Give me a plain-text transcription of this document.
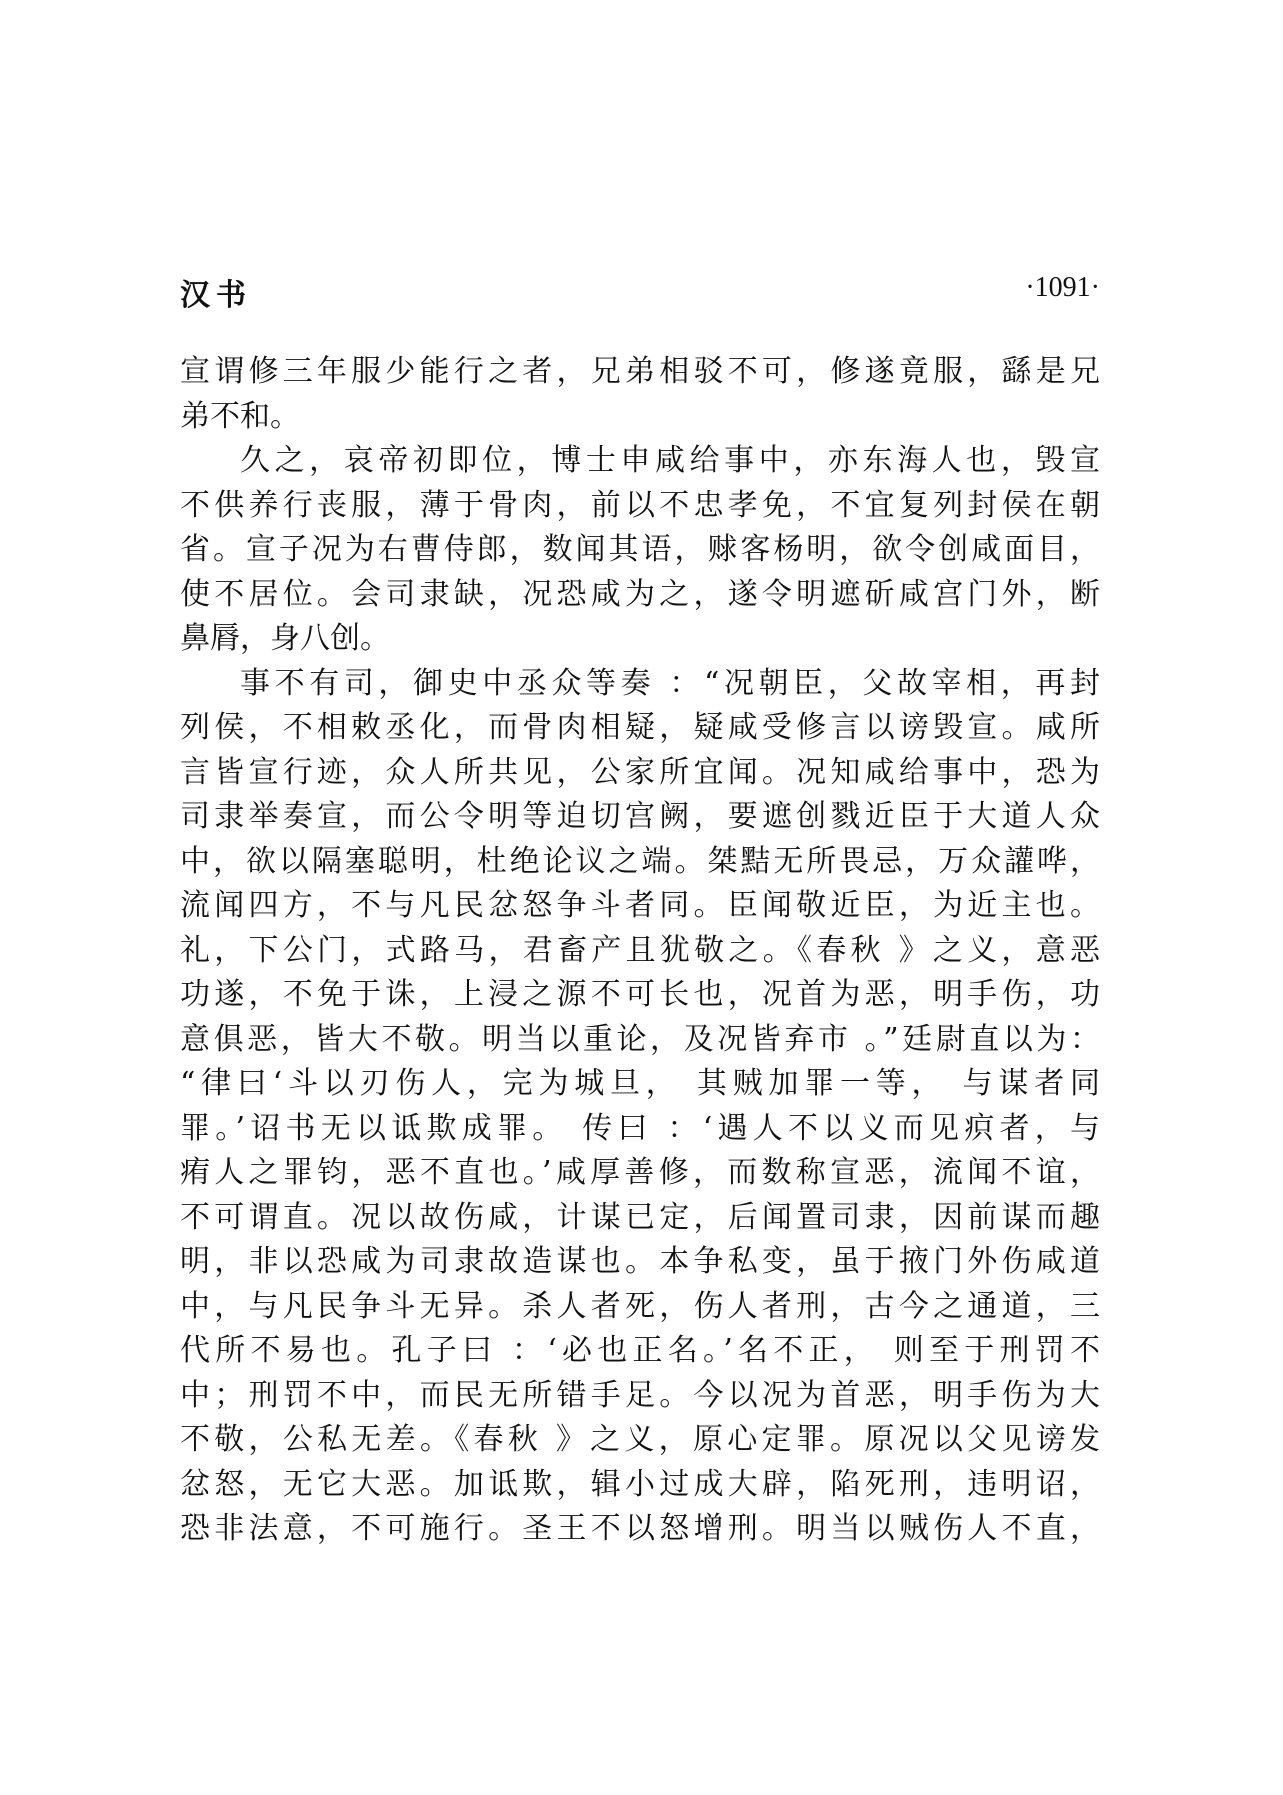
汉书	·1091·
宣谓修三年服少能行之者，兄弟相驳不可，修遂竟服，繇是兄
弟不和。
久之，哀帝初即位，博士申咸给事中，亦东海人也，毁宣
不供养行丧服，薄于骨肉，前以不忠孝免，不宜复列封侯在朝
省。宣子况为右曹侍郎，数闻其语，赇客杨明，欲令创咸面目，
使不居位。会司隶缺，况恐咸为之，遂令明遮斫咸宫门外，断
鼻脣，身八创。
事不有司，御史中丞众等奏 ：“况朝臣，父故宰相，再封
列侯，不相敕丞化，而骨肉相疑，疑咸受修言以谤毁宣。咸所
言皆宣行迹，众人所共见，公家所宜闻。况知咸给事中，恐为
司隶举奏宣，而公令明等迫切宫阙，要遮创戮近臣于大道人众
中，欲以隔塞聪明，杜绝论议之端。桀黠无所畏忌，万众讙哗，
流闻四方，不与凡民忿怒争斗者同。臣闻敬近臣，为近主也。
礼，下公门，式路马，君畜产且犹敬之。《春秋 》之义，意恶
功遂，不免于诛，上浸之源不可长也，况首为恶，明手伤，功
意俱恶，皆大不敬。明当以重论，及况皆弃市 。”廷尉直以为：
“律曰‘斗以刃伤人，完为城旦， 其贼加罪一等， 与谋者同
罪。’诏书无以诋欺成罪。 传曰 ：‘遇人不以义而见疻者，与
痏人之罪钧，恶不直也。’咸厚善修，而数称宣恶，流闻不谊，
不可谓直。况以故伤咸，计谋已定，后闻置司隶，因前谋而趣
明，非以恐咸为司隶故造谋也。本争私变，虽于掖门外伤咸道
中，与凡民争斗无异。杀人者死，伤人者刑，古今之通道，三
代所不易也。孔子曰 ：‘必也正名。’名不正， 则至于刑罚不
中；刑罚不中，而民无所错手足。今以况为首恶，明手伤为大
不敬，公私无差。《春秋 》之义，原心定罪。原况以父见谤发
忿怒，无它大恶。加诋欺，辑小过成大辟，陷死刑，违明诏，
恐非法意，不可施行。圣王不以怒增刑。明当以贼伤人不直，
